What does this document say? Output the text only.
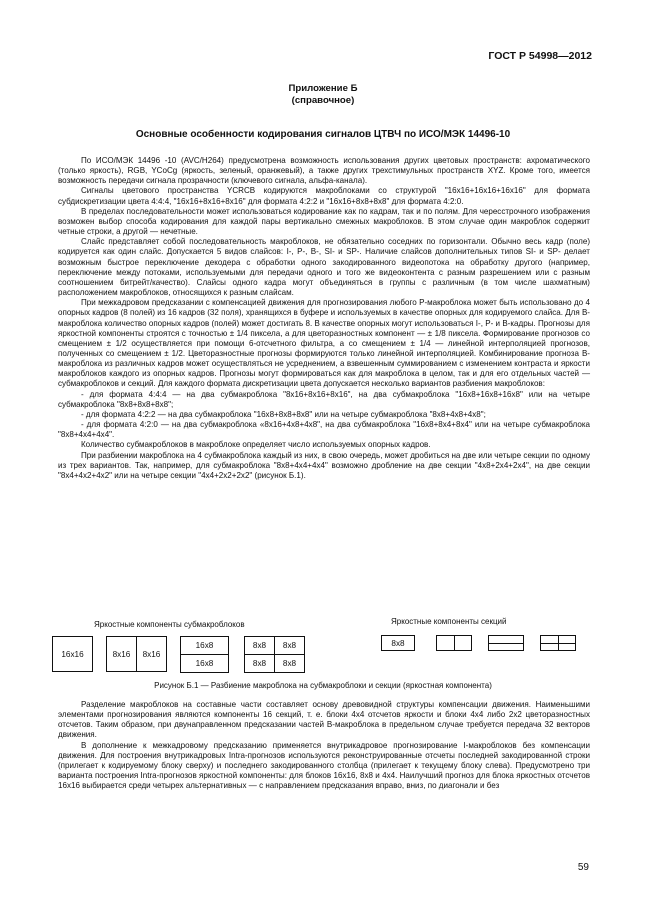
ГОСТ Р 54998—2012
Приложение Б
(справочное)
Основные особенности кодирования сигналов ЦТВЧ по ИСО/МЭК 14496-10

По ИСО/МЭК 14496 -10 (AVC/H264) предусмотрена возможность использования других цветовых пространств: ахроматического (только яркость), RGB, YCoCg (яркость, зеленый, оранжевый), а также других трехстимульных пространств XYZ. Кроме того, имеется возможность передачи сигнала прозрачности (ключевого сигнала, альфа-канала).

Сигналы цветового пространства YCRCB кодируются макроблоками со структурой "16х16+16х16+16х16" для формата субдискретизации цвета 4:4:4, "16х16+8х16+8х16" для формата 4:2:2 и "16х16+8х8+8х8" для формата 4:2:0.

В пределах последовательности может использоваться кодирование как по кадрам, так и по полям. Для чересстрочного изображения возможен выбор способа кодирования для каждой пары вертикально смежных макроблоков. В этом случае один макроблок содержит четные строки, а другой — нечетные.

Слайс представляет собой последовательность макроблоков, не обязательно соседних по горизонтали. Обычно весь кадр (поле) кодируется как один слайс. Допускается 5 видов слайсов: I-, P-, B-, SI- и SP-. Наличие слайсов дополнительных типов SI- и SP- делает возможным быстрое переключение декодера с обработки одного закодированного видеопотока на обработку другого (например, переключение между потоками, используемыми для передачи одного и того же видеоконтента с разным разрешением или с разным соотношением битрейт/качество). Слайсы одного кадра могут объединяться в группы с различным (в том числе шахматным) расположением макроблоков, относящихся к разным слайсам.

При межкадровом предсказании с компенсацией движения для прогнозирования любого P-макроблока может быть использовано до 4 опорных кадров (8 полей) из 16 кадров (32 поля), хранящихся в буфере и используемых в качестве опорных для кодируемого слайса. Для B-макроблока количество опорных кадров (полей) может достигать 8. В качестве опорных могут использоваться I-, P- и B-кадры. Прогнозы для яркостной компоненты строятся с точностью ± 1/4 пиксела, а для цветоразностных компонент — ± 1/8 пиксела. Формирование прогнозов со смещением ± 1/2 осуществляется при помощи 6-отсчетного фильтра, а со смещением ± 1/4 — линейной интерполяцией прогнозов, полученных со смещением ± 1/2. Цветоразностные прогнозы формируются только линейной интерполяцией. Комбинирование прогноза B-макроблока из различных кадров может осуществляться не усреднением, а взвешенным суммированием с изменением контраста и яркости макроблоков каждого из опорных кадров. Прогнозы могут формироваться как для макроблока в целом, так и для его отдельных частей — субмакроблоков и секций. Для каждого формата дискретизации цвета допускается несколько вариантов разбиения макроблоков:

- для формата 4:4:4 — на два субмакроблока "8х16+8х16+8х16", на два субмакроблока "16х8+16х8+16х8" или на четыре субмакроблока "8х8+8х8+8х8";

- для формата 4:2:2 — на два субмакроблока "16х8+8х8+8х8" или на четыре субмакроблока "8х8+4х8+4х8";

- для формата 4:2:0 — на два субмакроблока «8х16+4х8+4х8", на два субмакроблока "16х8+8х4+8х4" или на четыре субмакроблока "8х8+4х4+4х4".

Количество субмакроблоков в макроблоке определяет число используемых опорных кадров.

При разбиении макроблока на 4 субмакроблока каждый из них, в свою очередь, может дробиться на две или четыре секции по одному из трех вариантов. Так, например, для субмакроблока "8х8+4х4+4х4" возможно дробление на две секции "4х8+2х4+2х4", на две секции "8х4+4х2+4х2" или на четыре секции "4х4+2х2+2х2" (рисунок Б.1).

Яркостные компоненты субмакроблоков	Яркостные компоненты секций
16x16	8x16	8x16
16x8
16x8
8x8	8x8
8x8	8x8
8x8
Рисунок Б.1 — Разбиение макроблока на субмакроблоки и секции (яркостная компонента)

Разделение макроблоков на составные части составляет основу древовидной структуры компенсации движения. Наименьшими элементами прогнозирования являются компоненты 16 секций, т. е. блоки 4х4 отсчетов яркости и блоки 4х4 либо 2х2 цветоразностных отсчетов. Таким образом, при двунаправленном предсказании частей B-макроблока в предельном случае требуется передача 32 векторов движения.

В дополнение к межкадровому предсказанию применяется внутрикадровое прогнозирование I-макроблоков без компенсации движения. Для построения внутрикадровых Intra-прогнозов используются реконструированные отсчеты последней закодированной строки (прилегает к кодируемому блоку сверху) и последнего закодированного столбца (прилегает к текущему блоку слева). Предусмотрено три варианта построения Intra-прогнозов яркостной компоненты: для блоков 16х16, 8х8 и 4х4. Наилучший прогноз для блока яркостных отсчетов 16х16 выбирается среди четырех альтернативных — с направлением предсказания вправо, вниз, по диагонали и без

59
